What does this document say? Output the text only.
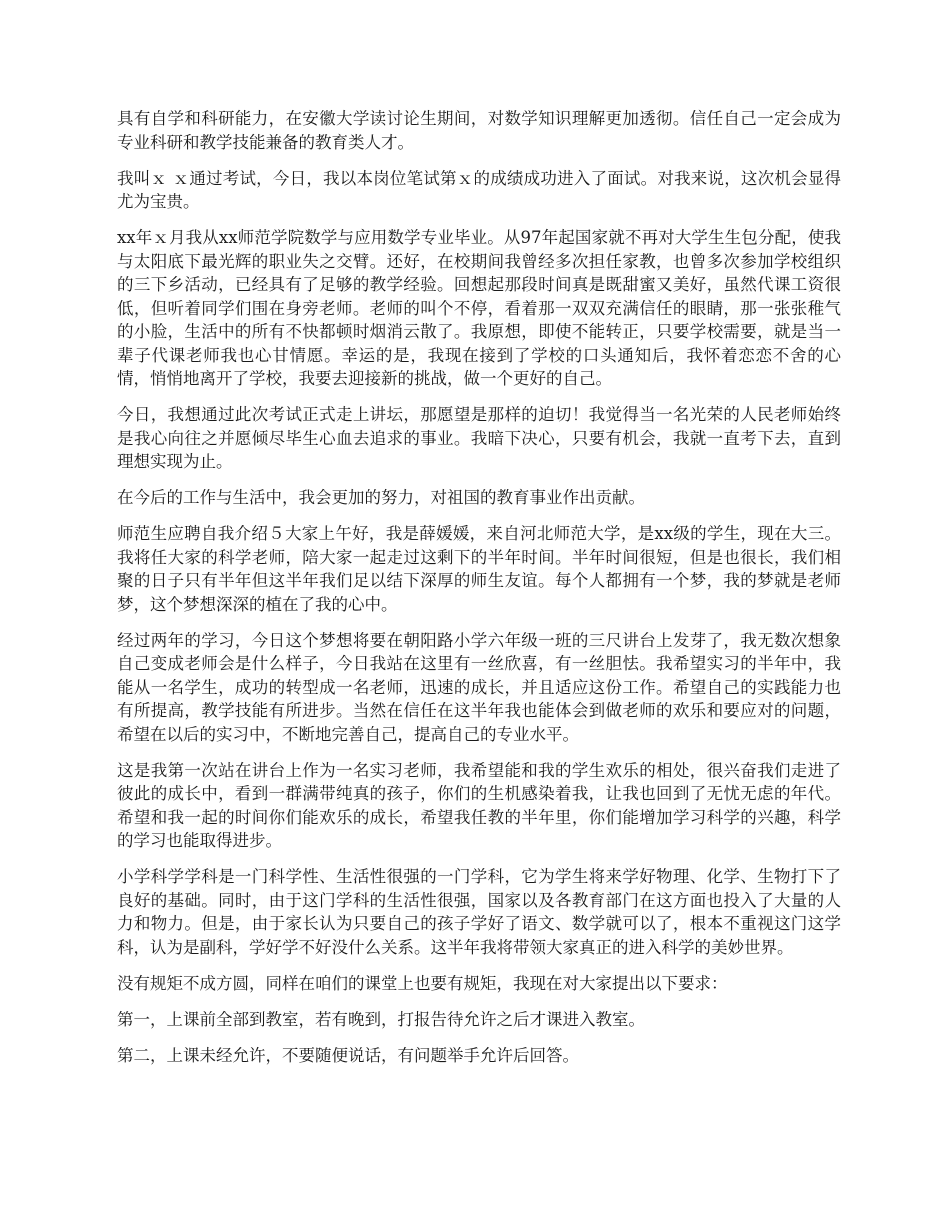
具有自学和科研能力，在安徽大学读讨论生期间，对数学知识理解更加透彻。信任自己一定会成为专业科研和教学技能兼备的教育类人才。

我叫ｘ ｘ通过考试，今日，我以本岗位笔试第ｘ的成绩成功进入了面试。对我来说，这次机会显得尤为宝贵。

xx年ｘ月我从xx师范学院数学与应用数学专业毕业。从97年起国家就不再对大学生生包分配，使我与太阳底下最光辉的职业失之交臂。还好，在校期间我曾经多次担任家教，也曾多次参加学校组织的三下乡活动，已经具有了足够的教学经验。回想起那段时间真是既甜蜜又美好，虽然代课工资很低，但听着同学们围在身旁老师。老师的叫个不停，看着那一双双充满信任的眼睛，那一张张稚气的小脸，生活中的所有不快都顿时烟消云散了。我原想，即使不能转正，只要学校需要，就是当一辈子代课老师我也心甘情愿。幸运的是，我现在接到了学校的口头通知后，我怀着恋恋不舍的心情，悄悄地离开了学校，我要去迎接新的挑战，做一个更好的自己。

今日，我想通过此次考试正式走上讲坛，那愿望是那样的迫切！我觉得当一名光荣的人民老师始终是我心向往之并愿倾尽毕生心血去追求的事业。我暗下决心，只要有机会，我就一直考下去，直到理想实现为止。

在今后的工作与生活中，我会更加的努力，对祖国的教育事业作出贡献。

师范生应聘自我介绍５大家上午好，我是薛媛媛，来自河北师范大学，是xx级的学生，现在大三。我将任大家的科学老师，陪大家一起走过这剩下的半年时间。半年时间很短，但是也很长，我们相聚的日子只有半年但这半年我们足以结下深厚的师生友谊。每个人都拥有一个梦，我的梦就是老师梦，这个梦想深深的植在了我的心中。

经过两年的学习，今日这个梦想将要在朝阳路小学六年级一班的三尺讲台上发芽了，我无数次想象自己变成老师会是什么样子，今日我站在这里有一丝欣喜，有一丝胆怯。我希望实习的半年中，我能从一名学生，成功的转型成一名老师，迅速的成长，并且适应这份工作。希望自己的实践能力也有所提高，教学技能有所进步。当然在信任在这半年我也能体会到做老师的欢乐和要应对的问题，希望在以后的实习中，不断地完善自己，提高自己的专业水平。

这是我第一次站在讲台上作为一名实习老师，我希望能和我的学生欢乐的相处，很兴奋我们走进了彼此的成长中，看到一群满带纯真的孩子，你们的生机感染着我，让我也回到了无忧无虑的年代。希望和我一起的时间你们能欢乐的成长，希望我任教的半年里，你们能增加学习科学的兴趣，科学的学习也能取得进步。

小学科学学科是一门科学性、生活性很强的一门学科，它为学生将来学好物理、化学、生物打下了良好的基础。同时，由于这门学科的生活性很强，国家以及各教育部门在这方面也投入了大量的人力和物力。但是，由于家长认为只要自己的孩子学好了语文、数学就可以了，根本不重视这门这学科，认为是副科，学好学不好没什么关系。这半年我将带领大家真正的进入科学的美妙世界。

没有规矩不成方圆，同样在咱们的课堂上也要有规矩，我现在对大家提出以下要求：

第一，上课前全部到教室，若有晚到，打报告待允许之后才课进入教室。

第二，上课未经允许，不要随便说话，有问题举手允许后回答。
